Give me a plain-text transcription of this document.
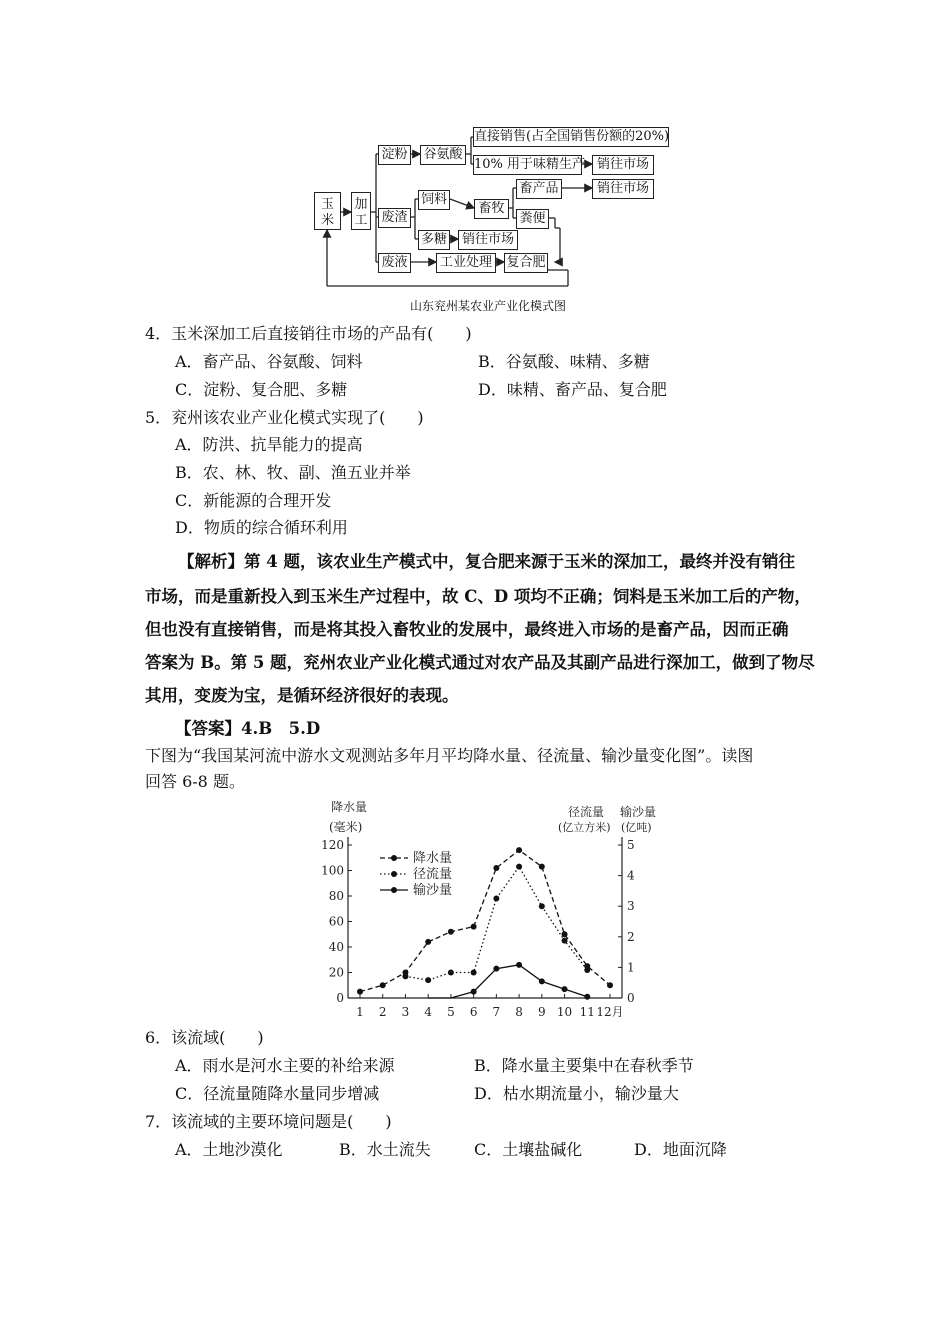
玉
米
加
工
淀粉 谷氨酸
直接销售(占全国销售份额的20%)
10% 用于味精生产 销往市场
废渣
饲料
畜牧
畜产品	销往市场
粪便
多糖	销往市场
废液	工业处理	复合肥
山东兖州某农业产业化模式图
4．玉米深加工后直接销往市场的产品有(　　)
A．畜产品、谷氨酸、饲料	B．谷氨酸、味精、多糖
C．淀粉、复合肥、多糖	D．味精、畜产品、复合肥
5．兖州该农业产业化模式实现了(　　)
A．防洪、抗旱能力的提高
B．农、林、牧、副、渔五业并举
C．新能源的合理开发
D．物质的综合循环利用
【解析】第 4 题，该农业生产模式中，复合肥来源于玉米的深加工，最终并没有销往
市场，而是重新投入到玉米生产过程中，故 C、D 项均不正确；饲料是玉米加工后的产物，
但也没有直接销售，而是将其投入畜牧业的发展中，最终进入市场的是畜产品，因而正确
答案为 B。第 5 题，兖州农业产业化模式通过对农产品及其副产品进行深加工，做到了物尽
其用，变废为宝，是循环经济很好的表现。
【答案】4.B　5.D
下图为“我国某河流中游水文观测站多年月平均降水量、径流量、输沙量变化图”。读图
回答 6-8 题。
降水量
(毫米)
径流量
(亿立方米)
输沙量
(亿吨)
0
20
40
60
80
100
120
0
1
2
3
4
5
1 2 3 4 5 6 7 8 9 10 11 12月
降水量
径流量
输沙量
6．该流域(　　)
A．雨水是河水主要的补给来源	B．降水量主要集中在春秋季节
C．径流量随降水量同步增减	D．枯水期流量小，输沙量大
7．该流域的主要环境问题是(　　)
A．土地沙漠化	B．水土流失	C．土壤盐碱化	D．地面沉降
